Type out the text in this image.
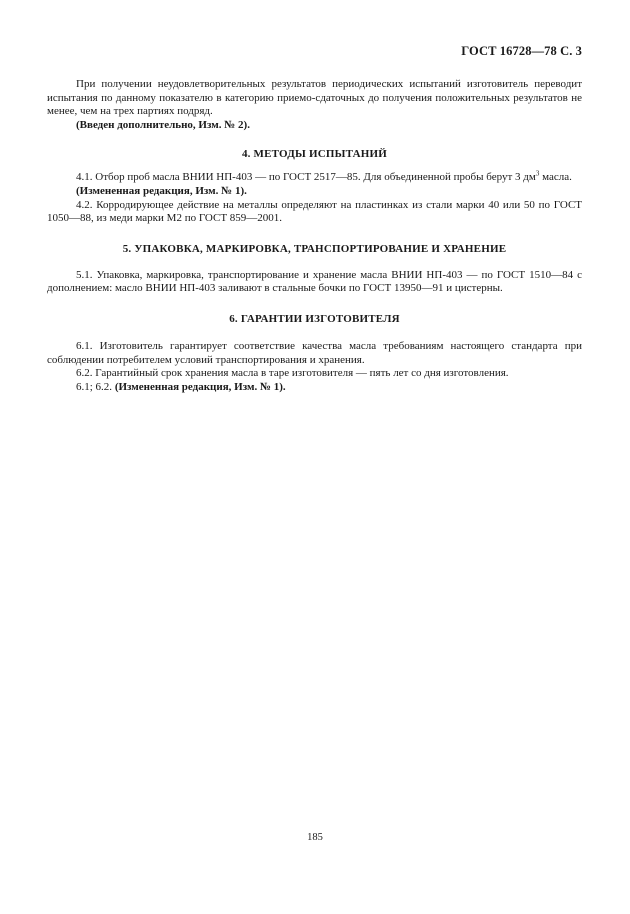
ГОСТ 16728—78 С. 3

При получении неудовлетворительных результатов периодических испытаний изготовитель переводит испытания по данному показателю в категорию приемо-сдаточных до получения положительных результатов не менее, чем на трех партиях подряд.

(Введен дополнительно, Изм. № 2).

4. МЕТОДЫ ИСПЫТАНИЙ

4.1. Отбор проб масла ВНИИ НП-403 — по ГОСТ 2517—85. Для объединенной пробы берут 3 $дм^3$ масла.

(Измененная редакция, Изм. № 1).

4.2. Корродирующее действие на металлы определяют на пластинках из стали марки 40 или 50 по ГОСТ 1050—88, из меди марки М2 по ГОСТ 859—2001.

5. УПАКОВКА, МАРКИРОВКА, ТРАНСПОРТИРОВАНИЕ И ХРАНЕНИЕ

5.1. Упаковка, маркировка, транспортирование и хранение масла ВНИИ НП-403 — по ГОСТ 1510—84 с дополнением: масло ВНИИ НП-403 заливают в стальные бочки по ГОСТ 13950—91 и цистерны.

6. ГАРАНТИИ ИЗГОТОВИТЕЛЯ

6.1. Изготовитель гарантирует соответствие качества масла требованиям настоящего стандарта при соблюдении потребителем условий транспортирования и хранения.

6.2. Гарантийный срок хранения масла в таре изготовителя — пять лет со дня изготовления.

6.1; 6.2. (Измененная редакция, Изм. № 1).

185
